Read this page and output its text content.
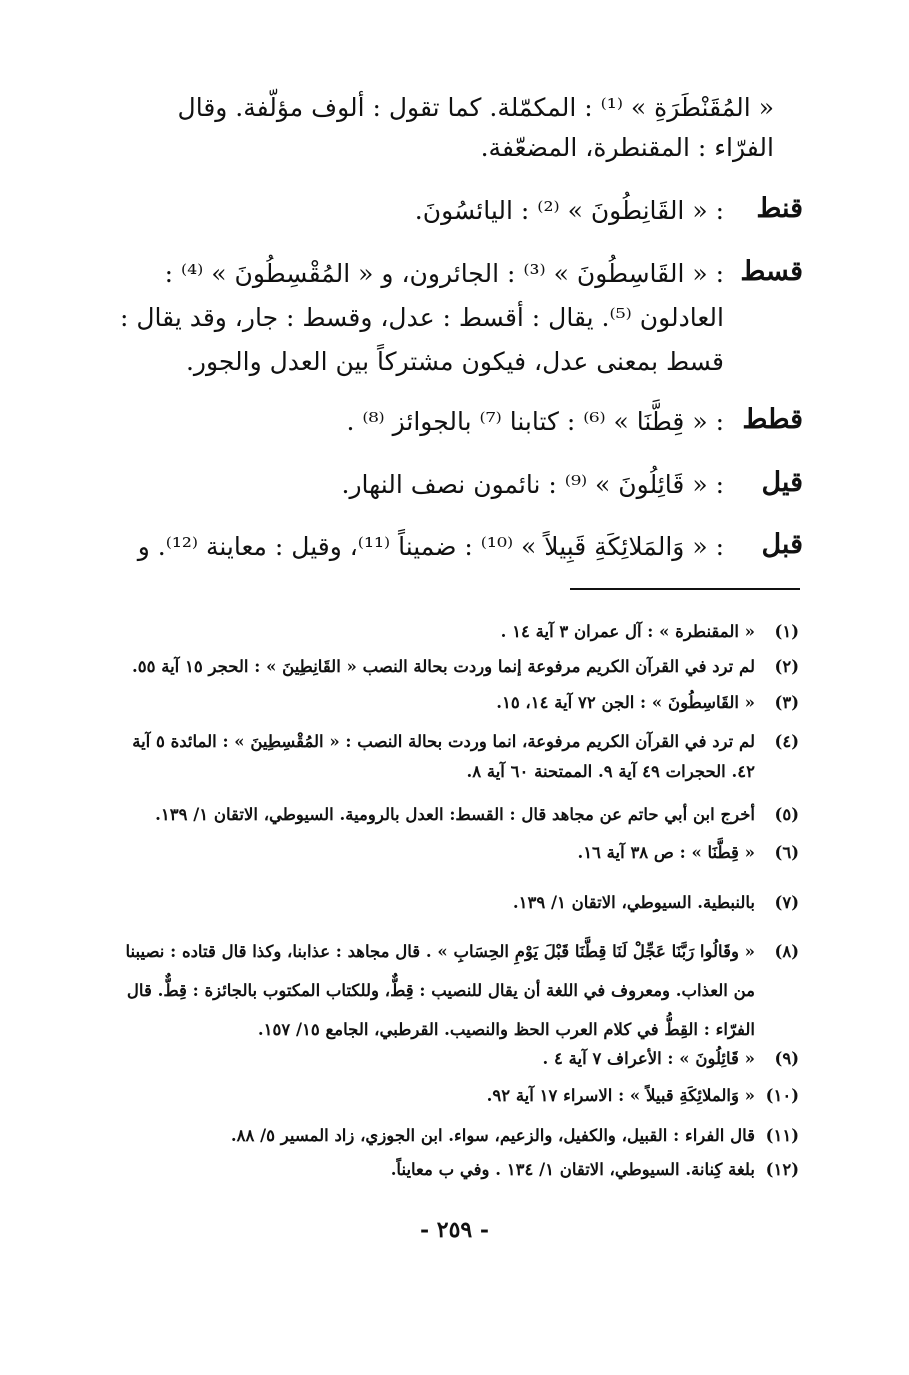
« المُقَنْطَرَةِ » ⁽¹⁾ : المكمّلة. كما تقول : ألوف مؤلّفة. وقال
الفرّاء : المقنطرة، المضعّفة.
قنط
: « القَانِطُونَ » ⁽²⁾ : اليائسُونَ.
قسط
: « القَاسِطُونَ » ⁽³⁾ : الجائرون، و « المُقْسِطُونَ » ⁽⁴⁾ :
العادلون ⁽⁵⁾. يقال : أقسط : عدل، وقسط : جار، وقد يقال :
قسط بمعنى عدل، فيكون مشتركاً بين العدل والجور.
قطط
: « قِطَّنَا » ⁽⁶⁾ : كتابنا ⁽⁷⁾ بالجوائز ⁽⁸⁾ .
قيل
: « قَائِلُونَ » ⁽⁹⁾ : نائمون نصف النهار.
قبل
: « وَالمَلائِكَةِ قَبِيلاً » ⁽¹⁰⁾ : ضميناً ⁽¹¹⁾، وقيل : معاينة ⁽¹²⁾. و
(١)« المقنطرة » : آل عمران ٣ آية ١٤ .
(٢)لم ترد في القرآن الكريم مرفوعة إنما وردت بحالة النصب « القَانِطِينَ » : الحجر ١٥ آية ٥٥.
(٣)« القَاسِطُونَ » : الجن ٧٢ آية ١٤، ١٥.
(٤)لم ترد في القرآن الكريم مرفوعة، انما وردت بحالة النصب : « المُقْسِطِينَ » : المائدة ٥ آية
٤٢. الحجرات ٤٩ آية ٩. الممتحنة ٦٠ آية ٨.
(٥)أخرج ابن أبي حاتم عن مجاهد قال : القسط: العدل بالرومية. السيوطي، الاتقان ١/ ١٣٩.
(٦)« قِطَّنَا » : ص ٣٨ آية ١٦.
(٧)بالنبطية. السيوطي، الاتقان ١/ ١٣٩.
(٨)« وقَالُوا رَبَّنَا عَجِّلْ لَنَا قِطَّنَا قَبْلَ يَوْمِ الحِسَابِ » . قال مجاهد : عذابنا، وكذا قال قتاده : نصيبنا
من العذاب. ومعروف في اللغة أن يقال للنصيب : قِطٌّ، وللكتاب المكتوب بالجائزة : قِطٌّ. قال
الفرّاء : القِطُّ في كلام العرب الحظ والنصيب. القرطبي، الجامع ١٥/ ١٥٧.
(٩)« قَائِلُونَ » : الأعراف ٧ آية ٤ .
(١٠)« وَالملائِكَةِ قبيلاً » : الاسراء ١٧ آية ٩٢.
(١١)قال الفراء : القبيل، والكفيل، والزعيم، سواء. ابن الجوزي، زاد المسير ٥/ ٨٨.
(١٢)بلغة كِنانة. السيوطي، الاتقان ١/ ١٣٤ . وفي ب معايناً.
- ٢٥٩ -
